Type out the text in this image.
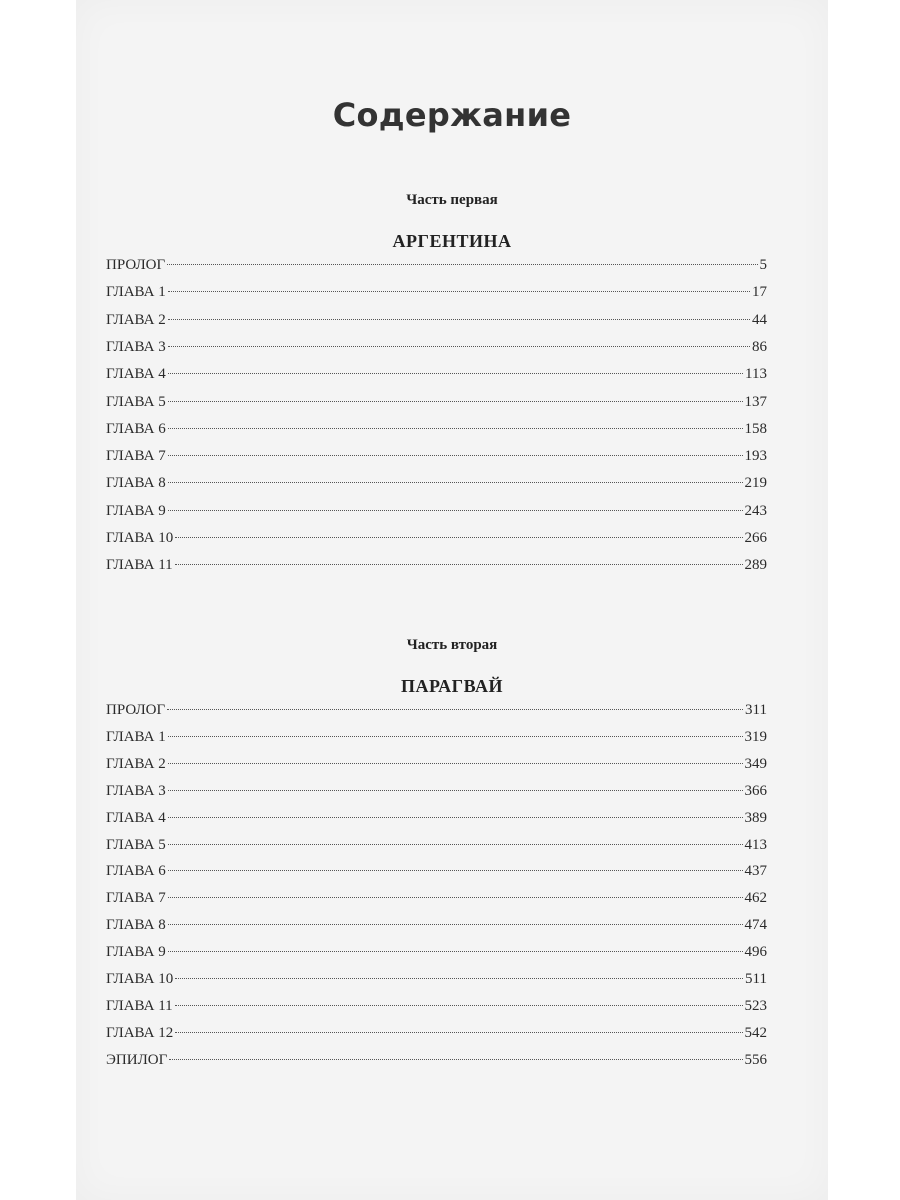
Содержание
Часть первая
АРГЕНТИНА
ПРОЛОГ	5
ГЛАВА 1	17
ГЛАВА 2	44
ГЛАВА 3	86
ГЛАВА 4	113
ГЛАВА 5	137
ГЛАВА 6	158
ГЛАВА 7	193
ГЛАВА 8	219
ГЛАВА 9	243
ГЛАВА 10	266
ГЛАВА 11	289
Часть вторая
ПАРАГВАЙ
ПРОЛОГ	311
ГЛАВА 1	319
ГЛАВА 2	349
ГЛАВА 3	366
ГЛАВА 4	389
ГЛАВА 5	413
ГЛАВА 6	437
ГЛАВА 7	462
ГЛАВА 8	474
ГЛАВА 9	496
ГЛАВА 10	511
ГЛАВА 11	523
ГЛАВА 12	542
ЭПИЛОГ	556
